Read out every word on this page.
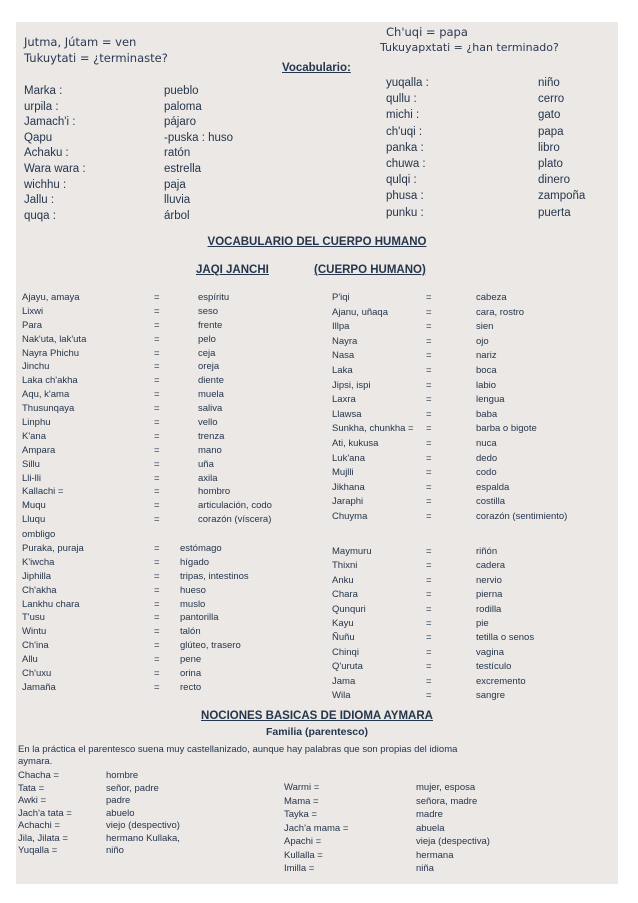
Jutma, Jútam = ven
Tukuytati = ¿terminaste?
Ch'uqi = papa
Tukuyapxtati = ¿han terminado?
Vocabulario:
Marka :	pueblo
urpila :	paloma
Jamach'i :	pájaro
Qapu	-puska : huso
Achaku :	ratón
Wara wara :	estrella
wichhu :	paja
Jallu :	lluvia
quqa :	árbol
yuqalla :	niño
qullu :	cerro
michi :	gato
ch'uqi :	papa
panka :	libro
chuwa :	plato
qulqi :	dinero
phusa :	zampoña
punku :	puerta
VOCABULARIO DEL CUERPO HUMANO
JAQI JANCHI	(CUERPO HUMANO)
Ajayu, amaya	=	espíritu
Lixwi	=	seso
Para	=	frente
Nak'uta, lak'uta	=	pelo
Nayra Phichu	=	ceja
Jinchu	=	oreja
Laka ch'akha	=	diente
Aqu, k'ama	=	muela
Thusunqaya	=	saliva
Linphu	=	vello
K'ana	=	trenza
Ampara	=	mano
Sillu	=	uña
Lli-lli	=	axila
Kallachi =	=	hombro
Muqu	=	articulación, codo
Lluqu	=	corazón (víscera)
ombligo
Puraka, puraja	= estómago
K'iwcha	= hígado
Jiphilla	= tripas, intestinos
Ch'akha	= hueso
Lankhu chara	= muslo
T'usu	= pantorilla
Wintu	= talón
Ch'ina	= glúteo, trasero
Allu	= pene
Ch'uxu	= orina
Jamaña	= recto
P'iqi	=	cabeza
Ajanu, uñaqa	=	cara, rostro
Illpa	=	sien
Nayra	=	ojo
Nasa	=	nariz
Laka	=	boca
Jipsi, ispi	=	labio
Laxra	=	lengua
Llawsa	=	baba
Sunkha, chunkha = =	barba o bigote
Ati, kukusa	=	nuca
Luk'ana	=	dedo
Mujlli	=	codo
Jikhana	=	espalda
Jaraphi	=	costilla
Chuyma	=	corazón (sentimiento)
Maymuru	=	riñón
Thixni	=	cadera
Anku	=	nervio
Chara	=	pierna
Qunquri	=	rodilla
Kayu	=	pie
Ñuñu	=	tetilla o senos
Chinqi	=	vagina
Q'uruta	=	testículo
Jama	=	excremento
Wila	=	sangre
NOCIONES BASICAS DE IDIOMA AYMARA
Familia (parentesco)
En la práctica el parentesco suena muy castellanizado, aunque hay palabras que son propias del idioma
aymara.
Chacha =	hombre
Tata =	señor, padre
Awki =	padre
Jach'a tata =	abuelo
Achachi =	viejo (despectivo)
Jila, Jilata =	hermano Kullaka,
Yuqalla =	niño
Warmi =	mujer, esposa
Mama =	señora, madre
Tayka =	madre
Jach'a mama =	abuela
Apachi =	vieja (despectiva)
Kullalla =	hermana
Imilla =	niña
